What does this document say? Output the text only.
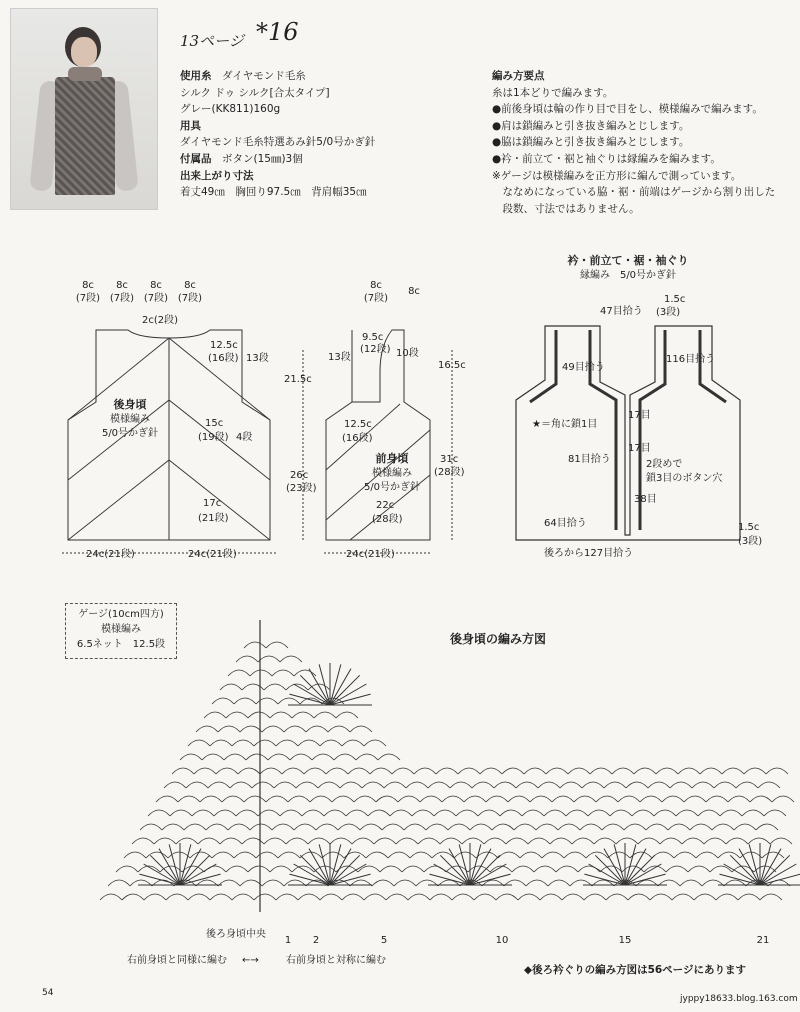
13ページ *16
使用糸　 ダイヤモンド毛糸
シルク ドゥ シルク[合太タイプ]
グレー(KK811)160g
用具
ダイヤモンド毛糸特選あみ針5/0号かぎ針
付属品　 ボタン(15㎜)3個
出来上がり寸法
着丈49㎝　胸回り97.5㎝　背肩幅35㎝
編み方要点
糸は1本どりで編みます。
●前後身頃は輪の作り目で目をし、模様編みで編みます。
●肩は鎖編みと引き抜き編みとじします。
●脇は鎖編みと引き抜き編みとじします。
●衿・前立て・裾と袖ぐりは縁編みを編みます。
※ゲージは模様編みを正方形に編んで測っています。
　ななめになっている脇・裾・前端はゲージから割り出した
　段数、寸法ではありません。
8c 8c 8c 8c
(7段) (7段) (7段) (7段)
2c(2段)
12.5c
(16段) 13段
後身頃
模様編み
5/0号かぎ針
15c
(19段) 4段
17c
(21段)
21.5c
26c
(23段)
24c(21段)	24c(21段)
8c
(7段)
8c
9.5c
(12段)
13段	10段
12.5c
(16段)
前身頃
模様編み
5/0号かぎ針
22c
(28段)
16.5c
31c
(28段)
24c(21段)
衿・前立て・裾・袖ぐり
縁編み　5/0号かぎ針
47目拾う
1.5c
(3段)
116目拾う
49目拾う
★＝角に鎖1目
17目
17目
81目拾う	2段めで
鎖3目のボタン穴
38目
64目拾う
後ろから127目拾う
1.5c
(3段)
ゲージ(10cm四方)
模様編み
6.5ネット　12.5段	後身頃の編み方図
後ろ身頃中央
1 2	5	10	15	21
右前身頃と同様に編む ←→	右前身頃と対称に編む
◆後ろ衿ぐりの編み方図は56ページにあります
54
jyppy18633.blog.163.com
